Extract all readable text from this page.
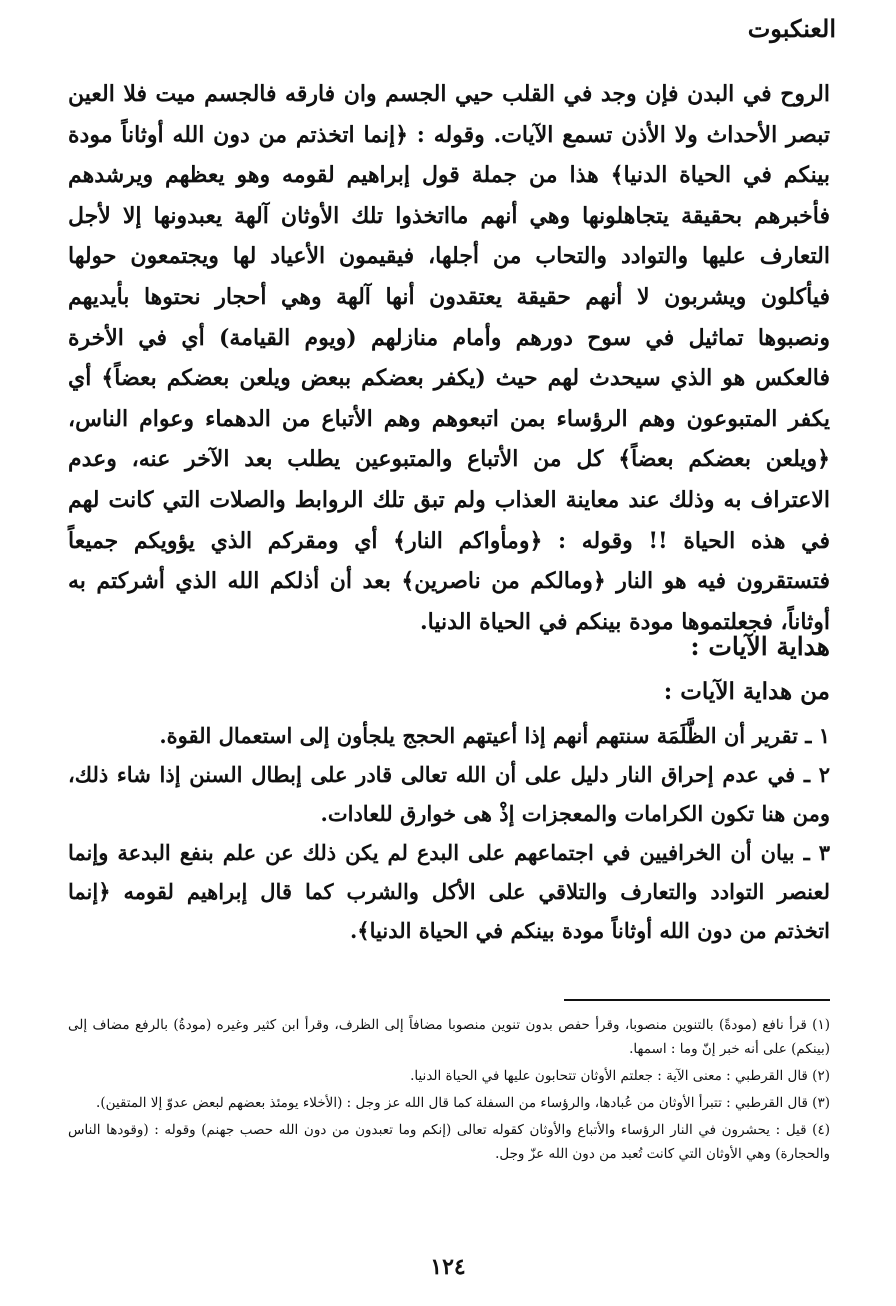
العنكبوت

الروح في البدن فإن وجد في القلب حيي الجسم وان فارقه فالجسم ميت فلا العين تبصر الأحداث ولا الأذن تسمع الآيات. وقوله : ﴿إنما اتخذتم من دون الله أوثاناً مودة بينكم في الحياة الدنيا﴾ هذا من جملة قول إبراهيم لقومه وهو يعظهم ويرشدهم فأخبرهم بحقيقة يتجاهلونها وهي أنهم مااتخذوا تلك الأوثان آلهة يعبدونها إلا لأجل التعارف عليها والتوادد والتحاب من أجلها، فيقيمون الأعياد لها ويجتمعون حولها فيأكلون ويشربون لا أنهم حقيقة يعتقدون أنها آلهة وهي أحجار نحتوها بأيديهم ونصبوها تماثيل في سوح دورهم وأمام منازلهم (ويوم القيامة) أي في الأخرة فالعكس هو الذي سيحدث لهم حيث (يكفر بعضكم ببعض ويلعن بعضكم بعضاً﴾ أي يكفر المتبوعون وهم الرؤساء بمن اتبعوهم وهم الأتباع من الدهماء وعوام الناس،﴿ويلعن بعضكم بعضاً﴾ كل من الأتباع والمتبوعين يطلب بعد الآخر عنه، وعدم الاعتراف به وذلك عند معاينة العذاب ولم تبق تلك الروابط والصلات التي كانت لهم في هذه الحياة !! وقوله : ﴿ومأواكم النار﴾ أي ومقركم الذي يؤويكم جميعاً فتستقرون فيه هو النار ﴿ومالكم من ناصرين﴾ بعد أن أذلكم الله الذي أشركتم به أوثاناً، فجعلتموها مودة بينكم في الحياة الدنيا.

هداية الآيات :
من هداية الآيات :

١ ـ تقرير أن الظَّلَمَة سنتهم أنهم إذا أعيتهم الحجج يلجأون إلى استعمال القوة.

٢ ـ في عدم إحراق النار دليل على أن الله تعالى قادر على إبطال السنن إذا شاء ذلك، ومن هنا تكون الكرامات والمعجزات إذْ هى خوارق للعادات.

٣ ـ بيان أن الخرافيين في اجتماعهم على البدع لم يكن ذلك عن علم بنفع البدعة وإنما لعنصر التوادد والتعارف والتلاقي على الأكل والشرب كما قال إبراهيم لقومه ﴿إنما اتخذتم من دون الله أوثاناً مودة بينكم في الحياة الدنيا﴾.

(١) قرأ نافع (مودةً) بالتنوين منصوبا، وقرأ حفص بدون تنوين منصوبا مضافاً إلى الظرف، وقرأ ابن كثير وغيره (مودةُ) بالرفع مضاف إلى (بينكم) على أنه خبر إنّ وما : اسمها.

(٢) قال القرطبي : معنى الآية : جعلتم الأوثان تتحابون عليها في الحياة الدنيا.

(٣) قال القرطبي : تتبرأ الأوثان من عُبادها، والرؤساء من السفلة كما قال الله عز وجل : (الأخلاء يومئذ بعضهم لبعض عدوّ إلا المتقين).

(٤) قيل : يحشرون في النار الرؤساء والأتباع والأوثان كقوله تعالى (إنكم وما تعبدون من دون الله حصب جهنم) وقوله : (وقودها الناس والحجارة) وهي الأوثان التي كانت تُعبد من دون الله عزّ وجل.

١٢٤
